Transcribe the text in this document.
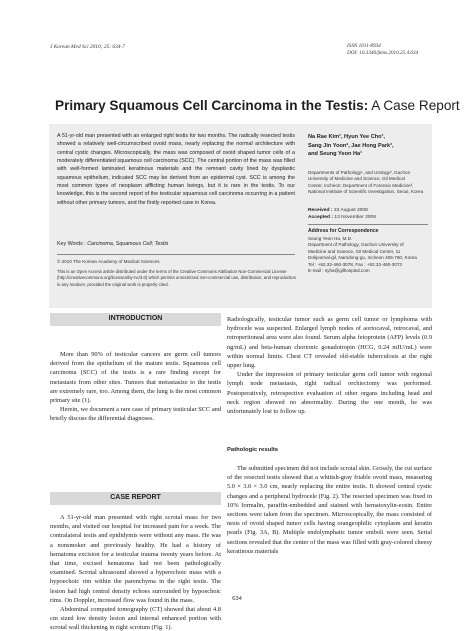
J Korean Med Sci 2010; 25: 634-7	ISSN 1011-8934
DOI: 10.3346/jkms.2010.25.4.634
Primary Squamous Cell Carcinoma in the Testis: A Case Report
A 51-yr-old man presented with an enlarged right testis for two months. The radically resected testis showed a relatively well-circumscribed ovoid mass, nearly replacing the normal architecture with central cystic changes. Microscopically, the mass was composed of ovoid shaped tumor cells of a moderately differentiated squamous cell carcinoma (SCC). The central portion of the mass was filled with well-formed laminated keratinous materials and the remnant cavity lined by dysplastic squamous epithelium, indicated SCC may be derived from an epidermal cyst. SCC is among the most common types of neoplasm afflicting human beings, but it is rare in the testis. To our knowledge, this is the second report of the testicular squamous cell carcinoma occurring in a patient without other primary tumors, and the firstly reported case in Korea.
Key Words : Carcinoma, Squamous Cell; Testis
© 2010 The Korean Academy of Medical Sciences.
This is an Open Access article distributed under the terms of the Creative Commons Attribution Non-Commercial License (http://creativecommons.org/licenses/by-nc/3.0) which permits unrestricted non-commercial use, distribution, and reproduction in any medium, provided the original work is properly cited.
Na Rae Kim¹, Hyun Yee Cho¹,
Sang Jin Yoon², Jae Hong Park³,
and Seung Yeon Ha¹
Departments of Pathology¹, and Urology², Gachon
University of Medicine and Science, Gil Medical
Center, Incheon; Department of Forensic Medicine³,
National Institute of Scientific Investigation, Seoul, Korea
Received : 23 August 2008
Accepted : 13 November 2008
Address for Correspondence
Seung Yeon Ha, M.D.
Department of Pathology, Gachon University of
Medicine and Science, Gil Medical Center, 11
Dokjeomal-gil, Namdong-gu, Incheon 405-760, Korea
Tel : +82.32-460-3078, Fax : +82.32-460-3073
E-mail : syha@gilhospital.com
INTRODUCTION

More than 90% of testicular cancers are germ cell tumors derived from the epithelium of the mature testis. Squamous cell carcinoma (SCC) of the testis is a rare finding except for metastasis from other sites. Tumors that metastasize to the testis are extremely rare, too. Among them, the lung is the most common primary site (1).

Herein, we document a rare case of primary testicular SCC and briefly discuss the differential diagnoses.

CASE REPORT

A 51-yr-old man presented with right scrotal mass for two months, and visited our hospital for increased pain for a week. The contralateral testis and epididymis were without any mass. He was a nonsmoker and previously healthy. He had a history of hematoma excision for a testicular trauma twenty years before. At that time, excised hematoma had not been pathologically examined. Scrotal ultrasound showed a hyperechoic mass with a hypoechoic rim within the parenchyma in the right testis. The lesion had high central density echoes surrounded by hypoechoic rims. On Doppler, increased flow was found in the mass.

Abdominal computed tomography (CT) showed that about 4.8 cm sized low density lesion and internal enhanced portion with scrotal wall thickening in right scrotum (Fig. 1).

Radiologically, testicular tumor such as germ cell tumor or lymphoma with hydrocele was suspected. Enlarged lymph nodes of aortocaval, retrocaval, and retroperitoneal area were also found. Serum alpha fetoprotein (AFP) levels (0.9 ng/mL) and beta-human chorionic gonadotropin (HCG, 0.24 mIU/mL) were within normal limits. Chest CT revealed old-stable tuberculosis at the right upper lung.

Under the impression of primary testicular germ cell tumor with regional lymph node metastasis, right radical orchiectomy was performed. Postoperatively, retrospective evaluation of other organs including head and neck region showed no abnormality. During the one month, he was unfortunately lost to follow up.

Pathologic results

The submitted specimen did not include scrotal skin. Grossly, the cut surface of the resected testis showed that a whitish-gray friable ovoid mass, measuring 5.0 × 3.0 × 3.0 cm, nearly replacing the entire testis. It showed central cystic changes and a peripheral hydrocele (Fig. 2). The resected specimen was fixed in 10% formalin, paraffin-embedded and stained with hematoxylin-eosin. Entire sections were taken from the specimen. Microscopically, the mass consisted of nests of ovoid shaped tumor cells having orangeophilic cytoplasm and keratin pearls (Fig. 3A, B). Multiple endolymphatic tumor emboli were seen. Serial sections revealed that the center of the mass was filled with gray-colored cheesy keratinous materials

634
